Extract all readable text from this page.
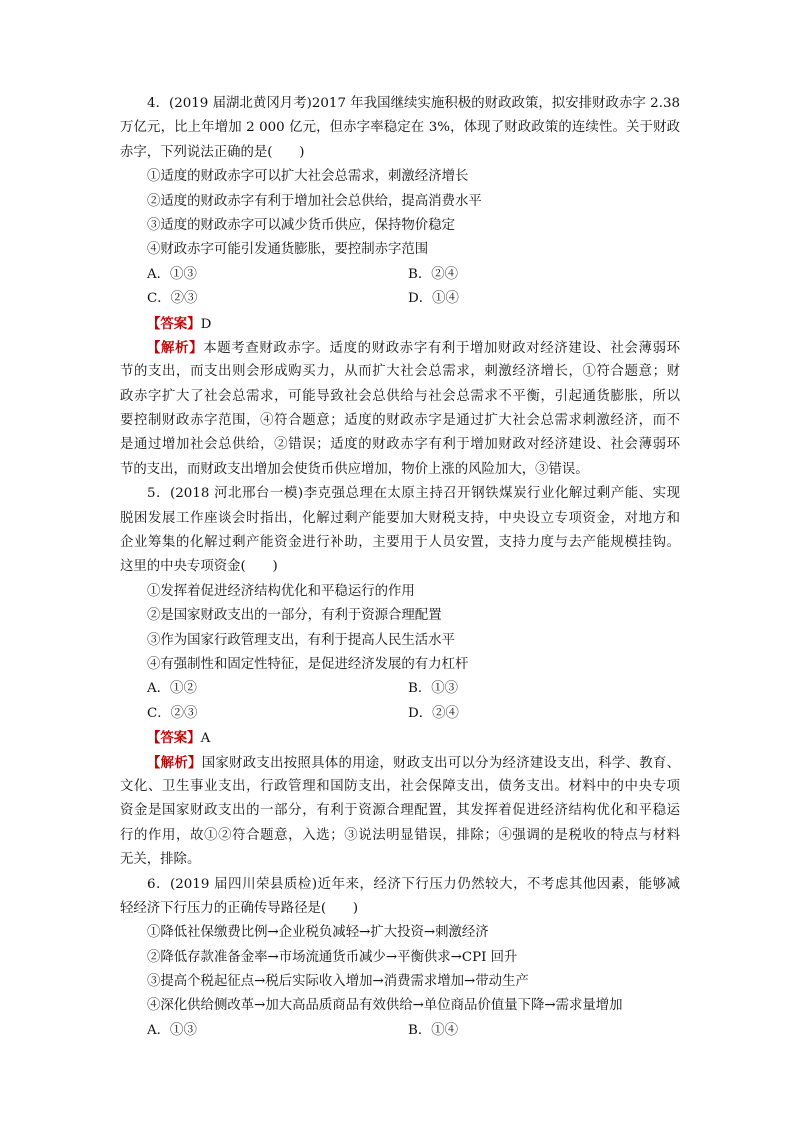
4．(2019 届湖北黄冈月考)2017 年我国继续实施积极的财政政策，拟安排财政赤字 2.38
万亿元，比上年增加 2 000 亿元，但赤字率稳定在 3%，体现了财政政策的连续性。关于财政
赤字，下列说法正确的是(　　)
①适度的财政赤字可以扩大社会总需求，刺激经济增长
②适度的财政赤字有利于增加社会总供给，提高消费水平
③适度的财政赤字可以减少货币供应，保持物价稳定
④财政赤字可能引发通货膨胀，要控制赤字范围
A．①③	B．②④
C．②③	D．①④
【答案】D
【解析】本题考查财政赤字。适度的财政赤字有利于增加财政对经济建设、社会薄弱环
节的支出，而支出则会形成购买力，从而扩大社会总需求，刺激经济增长，①符合题意；财
政赤字扩大了社会总需求，可能导致社会总供给与社会总需求不平衡，引起通货膨胀，所以
要控制财政赤字范围，④符合题意；适度的财政赤字是通过扩大社会总需求刺激经济，而不
是通过增加社会总供给，②错误；适度的财政赤字有利于增加财政对经济建设、社会薄弱环
节的支出，而财政支出增加会使货币供应增加，物价上涨的风险加大，③错误。
5．(2018 河北邢台一模)李克强总理在太原主持召开钢铁煤炭行业化解过剩产能、实现
脱困发展工作座谈会时指出，化解过剩产能要加大财税支持，中央设立专项资金，对地方和
企业筹集的化解过剩产能资金进行补助，主要用于人员安置，支持力度与去产能规模挂钩。
这里的中央专项资金(　　)
①发挥着促进经济结构优化和平稳运行的作用
②是国家财政支出的一部分，有利于资源合理配置
③作为国家行政管理支出，有利于提高人民生活水平
④有强制性和固定性特征，是促进经济发展的有力杠杆
A．①②	B．①③
C．②③	D．②④
【答案】A
【解析】国家财政支出按照具体的用途，财政支出可以分为经济建设支出，科学、教育、
文化、卫生事业支出，行政管理和国防支出，社会保障支出，债务支出。材料中的中央专项
资金是国家财政支出的一部分，有利于资源合理配置，其发挥着促进经济结构优化和平稳运
行的作用，故①②符合题意，入选；③说法明显错误，排除；④强调的是税收的特点与材料
无关，排除。
6．(2019 届四川荣县质检)近年来，经济下行压力仍然较大，不考虑其他因素，能够减
轻经济下行压力的正确传导路径是(　　)
①降低社保缴费比例→企业税负减轻→扩大投资→刺激经济
②降低存款准备金率→市场流通货币减少→平衡供求→CPI 回升
③提高个税起征点→税后实际收入增加→消费需求增加→带动生产
④深化供给侧改革→加大高品质商品有效供给→单位商品价值量下降→需求量增加
A．①③	B．①④
